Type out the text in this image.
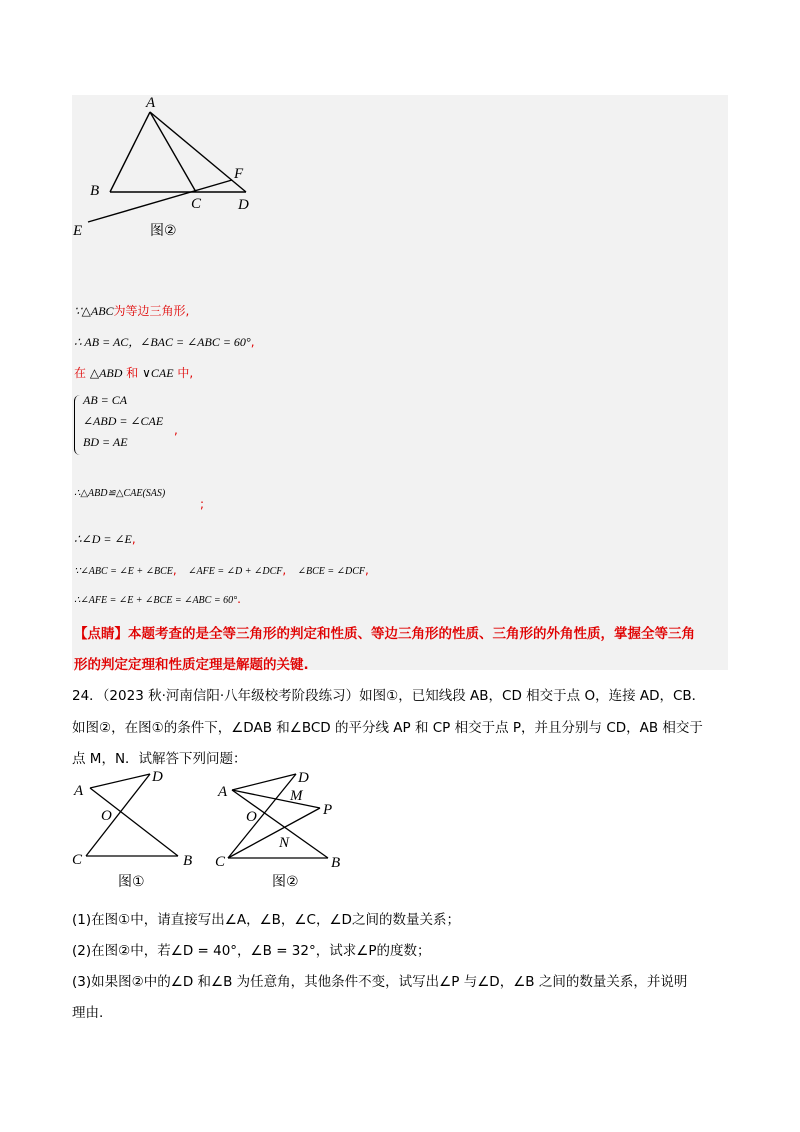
A
B
C D
E
F
图②
∵△ABC为等边三角形,
∴ AB = AC，∠BAC = ∠ABC = 60°,
在 △ABD 和 ∨CAE 中,
AB = CA
∠ABD = ∠CAE
BD = AE
,
∴△ABD≌△CAE(SAS)
;
∴∠D = ∠E,
∵∠ABC = ∠E + ∠BCE, ∠AFE = ∠D + ∠DCF, ∠BCE = ∠DCF,
∴∠AFE = ∠E + ∠BCE = ∠ABC = 60°.
【点睛】本题考查的是全等三角形的判定和性质、等边三角形的性质、三角形的外角性质，掌握全等三角
形的判定定理和性质定理是解题的关键.
24．（2023 秋·河南信阳·八年级校考阶段练习）如图①，已知线段 AB，CD 相交于点 O，连接 AD，CB．
如图②，在图①的条件下，∠DAB 和∠BCD 的平分线 AP 和 CP 相交于点 P，并且分别与 CD，AB 相交于
点 M，N．试解答下列问题：
A
D
O
C	B
图①
A
D
M
P
O
N
C	B
图②
(1)在图①中，请直接写出∠A，∠B，∠C，∠D之间的数量关系；
(2)在图②中，若∠D = 40°，∠B = 32°，试求∠P的度数；
(3)如果图②中的∠D 和∠B 为任意角，其他条件不变，试写出∠P 与∠D，∠B 之间的数量关系，并说明
理由.
